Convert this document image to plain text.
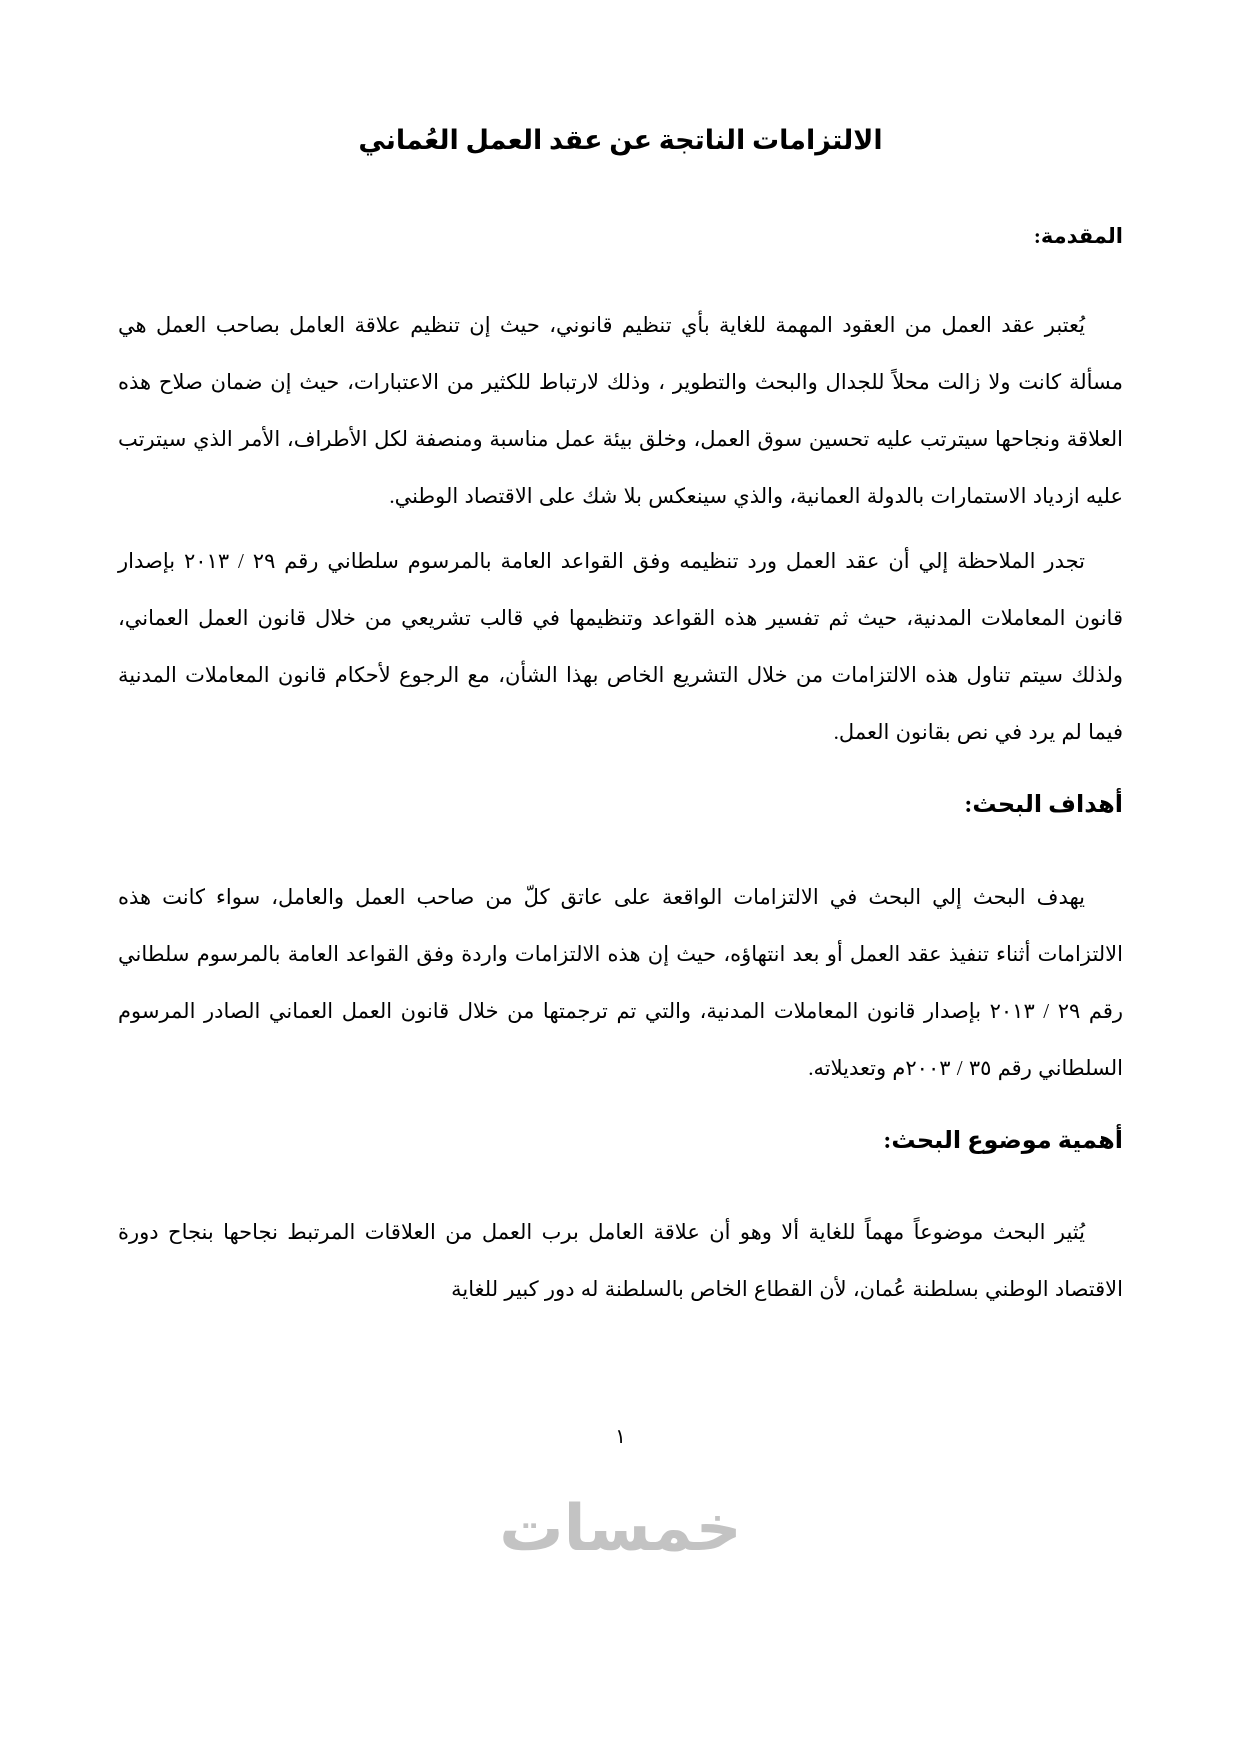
الالتزامات الناتجة عن عقد العمل العُماني
المقدمة:

يُعتبر عقد العمل من العقود المهمة للغاية بأي تنظيم قانوني، حيث إن تنظيم علاقة العامل بصاحب العمل هي مسألة كانت ولا زالت محلاً للجدال والبحث والتطوير ، وذلك لارتباط للكثير من الاعتبارات، حيث إن ضمان صلاح هذه العلاقة ونجاحها سيترتب عليه تحسين سوق العمل، وخلق بيئة عمل مناسبة ومنصفة لكل الأطراف، الأمر الذي سيترتب عليه ازدياد الاستمارات بالدولة العمانية، والذي سينعكس بلا شك على الاقتصاد الوطني.

تجدر الملاحظة إلي أن عقد العمل ورد تنظيمه وفق القواعد العامة بالمرسوم سلطاني رقم ٢٩ / ٢٠١٣ بإصدار قانون المعاملات المدنية، حيث ثم تفسير هذه القواعد وتنظيمها في قالب تشريعي من خلال قانون العمل العماني، ولذلك سيتم تناول هذه الالتزامات من خلال التشريع الخاص بهذا الشأن، مع الرجوع لأحكام قانون المعاملات المدنية فيما لم يرد في نص بقانون العمل.

أهداف البحث:

يهدف البحث إلي البحث في الالتزامات الواقعة على عاتق كلّ من صاحب العمل والعامل، سواء كانت هذه الالتزامات أثناء تنفيذ عقد العمل أو بعد انتهاؤه، حيث إن هذه الالتزامات واردة وفق القواعد العامة بالمرسوم سلطاني رقم ٢٩ / ٢٠١٣ بإصدار قانون المعاملات المدنية، والتي تم ترجمتها من خلال قانون العمل العماني الصادر المرسوم السلطاني رقم ٣٥ / ٢٠٠٣م وتعديلاته.

أهمية موضوع البحث:

يُثير البحث موضوعاً مهماً للغاية ألا وهو أن علاقة العامل برب العمل من العلاقات المرتبط نجاحها بنجاح دورة الاقتصاد الوطني بسلطنة عُمان، لأن القطاع الخاص بالسلطنة له دور كبير للغاية

١
خمسات
